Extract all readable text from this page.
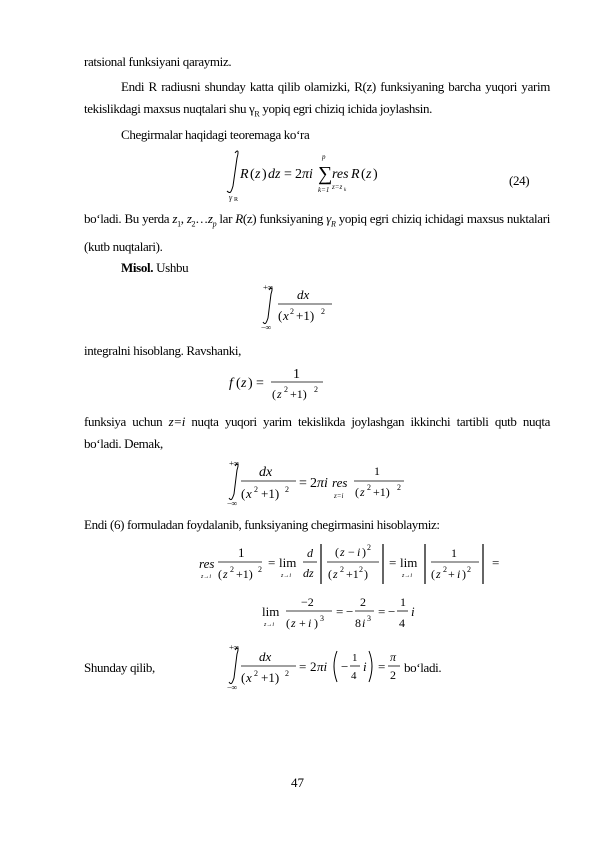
ratsional funksiyani qaraymiz.
Endi R radiusni shunday katta qilib olamizki, R(z) funksiyaning barcha yuqori yarim tekislikdagi maxsus nuqtalari shu $\gamma_R$ yopiq egri chiziq ichida joylashsin.
Chegirmalar haqidagi teoremaga ko‘ra
γ R
R ( z ) dz = 2 πi ∑
p
k=1
res
z=z k
R ( z )	(24)
bo‘ladi. Bu yerda $z_1$, $z_2\dots z_p$ lar R(z) funksiyaning $\gamma_R$ yopiq egri chiziq ichidagi maxsus nuktalari (kutb nuqtalari).
Misol. Ushbu
+∞
−∞
dx
( x 2 +1) 2
integralni hisoblang. Ravshanki,
f ( z ) =
1
( z 2 +1) 2
funksiya uchun z=i nuqta yuqori yarim tekislikda joylashgan ikkinchi tartibli qutb nuqta bo‘ladi. Demak,
+∞
−∞
dx
( x 2 +1) 2 = 2 πi res
z=i
1
( z 2 +1) 2
Endi (6) formuladan foydalanib, funksiyaning chegirmasini hisoblaymiz:
res
z→i
1
( z 2 +1) 2 = lim
z→i
d
dz
( z − i ) 2
( z 2 +1 2 )
= lim
z→i
1
( z 2 + i ) 2 =
lim
z→i
−2
( z + i ) 3 = −
2
8 i 3 = −
1
4
i
Shunday qilib,
+∞
−∞
dx
( x 2 +1) 2 = 2 πi −
1
4
i =
π
2 bo‘ladi.
47
